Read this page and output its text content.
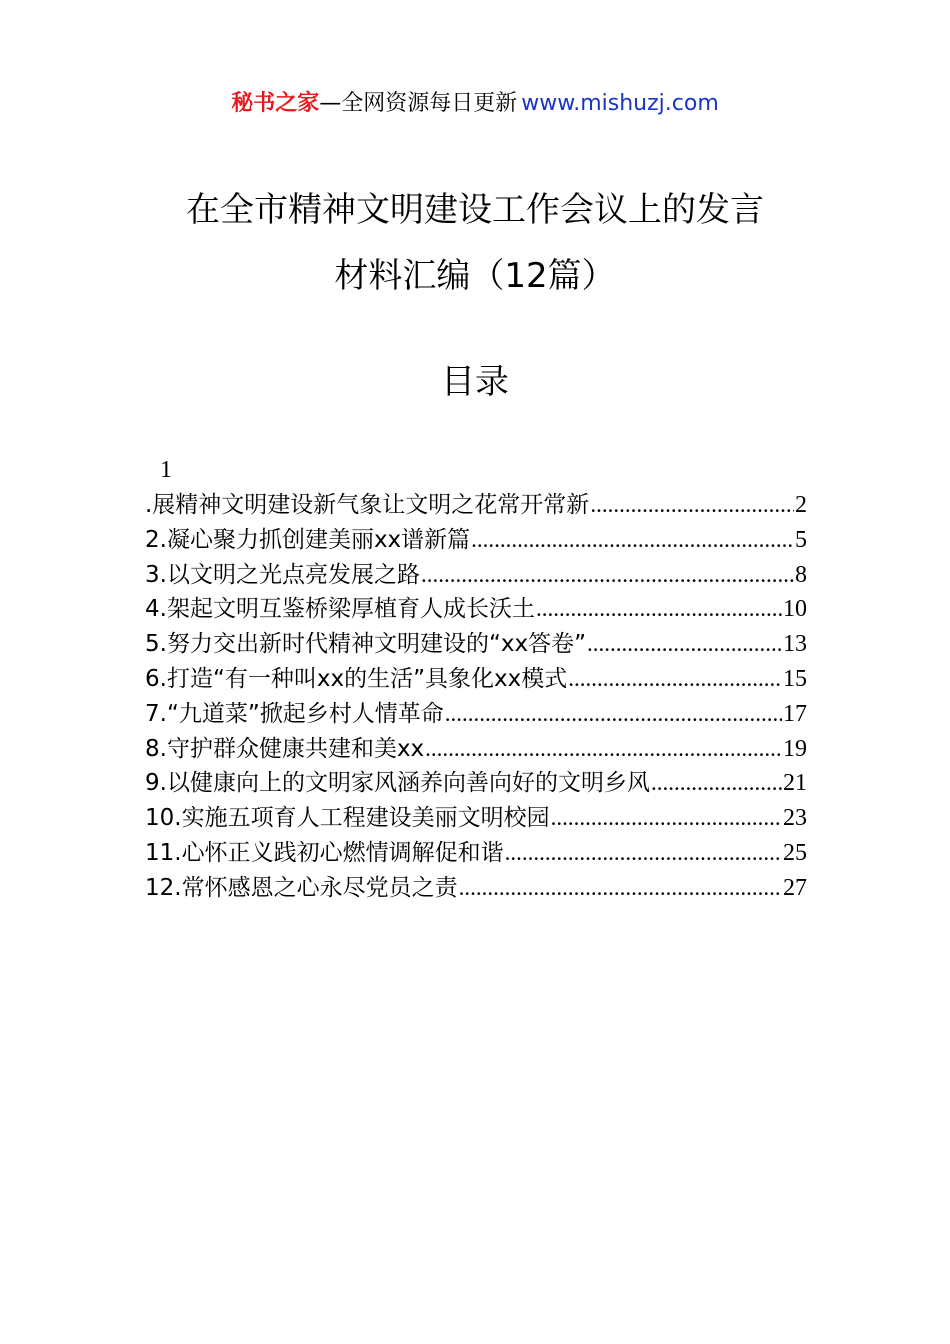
秘书之家—全网资源每日更新 www.mishuzj.com
在全市精神文明建设工作会议上的发言
材料汇编（12篇）
目录
1
.展精神文明建设新气象让文明之花常开常新 .....	2
2.凝心聚力抓创建美丽xx谱新篇 .....	5
3.以文明之光点亮发展之路 .....	8
4.架起文明互鉴桥梁厚植育人成长沃土 .....	10
5.努力交出新时代精神文明建设的“xx答卷” .....	13
6.打造“有一种叫xx的生活”具象化xx模式 .....	15
7.“九道菜”掀起乡村人情革命 .....	17
8.守护群众健康共建和美xx .....	19
9.以健康向上的文明家风涵养向善向好的文明乡风 .....	21
10.实施五项育人工程建设美丽文明校园 .....	23
11.心怀正义践初心燃情调解促和谐 .....	25
12.常怀感恩之心永尽党员之责 .....	27
